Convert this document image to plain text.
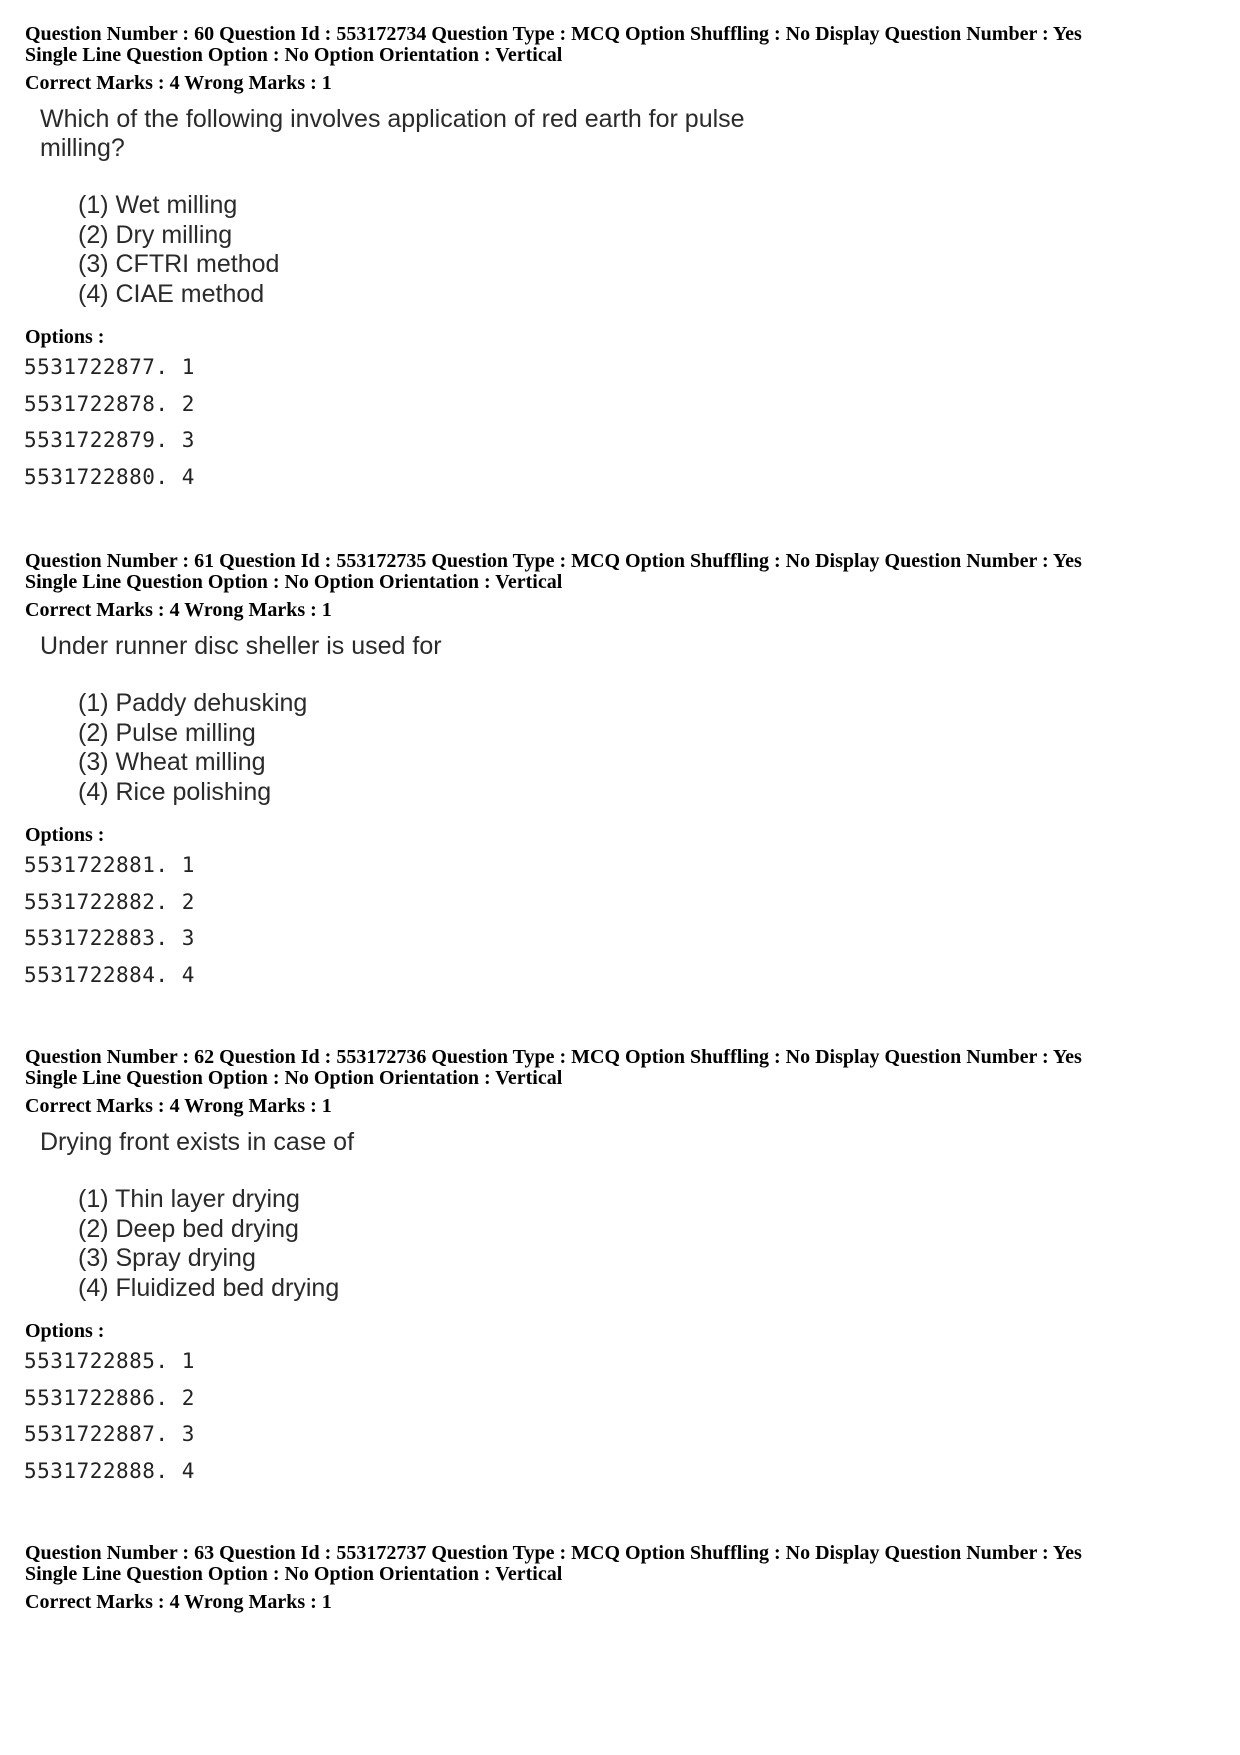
Question Number : 60 Question Id : 553172734 Question Type : MCQ Option Shuffling : No Display Question Number : Yes
Single Line Question Option : No Option Orientation : Vertical
Correct Marks : 4 Wrong Marks : 1
Which of the following involves application of red earth for pulse milling?
(1) Wet milling
(2) Dry milling
(3) CFTRI method
(4) CIAE method
Options :
5531722877. 1
5531722878. 2
5531722879. 3
5531722880. 4
Question Number : 61 Question Id : 553172735 Question Type : MCQ Option Shuffling : No Display Question Number : Yes
Single Line Question Option : No Option Orientation : Vertical
Correct Marks : 4 Wrong Marks : 1
Under runner disc sheller is used for
(1) Paddy dehusking
(2) Pulse milling
(3) Wheat milling
(4) Rice polishing
Options :
5531722881. 1
5531722882. 2
5531722883. 3
5531722884. 4
Question Number : 62 Question Id : 553172736 Question Type : MCQ Option Shuffling : No Display Question Number : Yes
Single Line Question Option : No Option Orientation : Vertical
Correct Marks : 4 Wrong Marks : 1
Drying front exists in case of
(1) Thin layer drying
(2) Deep bed drying
(3) Spray drying
(4) Fluidized bed drying
Options :
5531722885. 1
5531722886. 2
5531722887. 3
5531722888. 4
Question Number : 63 Question Id : 553172737 Question Type : MCQ Option Shuffling : No Display Question Number : Yes
Single Line Question Option : No Option Orientation : Vertical
Correct Marks : 4 Wrong Marks : 1
